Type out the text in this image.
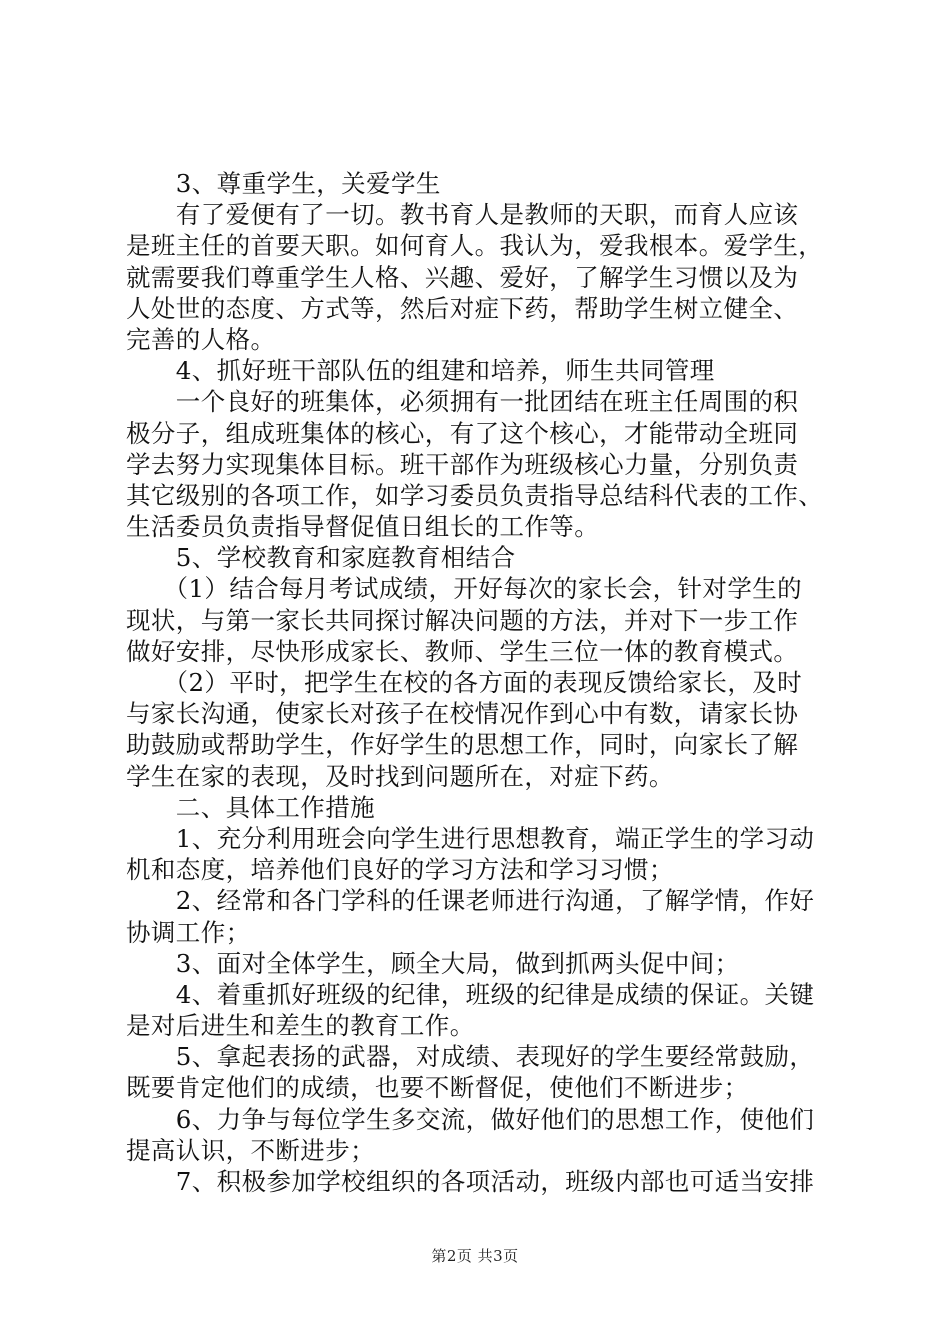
　　3、尊重学生，关爱学生
　　有了爱便有了一切。教书育人是教师的天职，而育人应该
是班主任的首要天职。如何育人。我认为，爱我根本。爱学生，
就需要我们尊重学生人格、兴趣、爱好，了解学生习惯以及为
人处世的态度、方式等，然后对症下药，帮助学生树立健全、
完善的人格。
　　4、抓好班干部队伍的组建和培养，师生共同管理
　　一个良好的班集体，必须拥有一批团结在班主任周围的积
极分子，组成班集体的核心，有了这个核心，才能带动全班同
学去努力实现集体目标。班干部作为班级核心力量，分别负责
其它级别的各项工作，如学习委员负责指导总结科代表的工作、
生活委员负责指导督促值日组长的工作等。
　　5、学校教育和家庭教育相结合
　　（1）结合每月考试成绩，开好每次的家长会，针对学生的
现状，与第一家长共同探讨解决问题的方法，并对下一步工作
做好安排，尽快形成家长、教师、学生三位一体的教育模式。
　　（2）平时，把学生在校的各方面的表现反馈给家长，及时
与家长沟通，使家长对孩子在校情况作到心中有数，请家长协
助鼓励或帮助学生，作好学生的思想工作，同时，向家长了解
学生在家的表现，及时找到问题所在，对症下药。
　　二、具体工作措施
　　1、充分利用班会向学生进行思想教育，端正学生的学习动
机和态度，培养他们良好的学习方法和学习习惯；
　　2、经常和各门学科的任课老师进行沟通，了解学情，作好
协调工作；
　　3、面对全体学生，顾全大局，做到抓两头促中间；
　　4、着重抓好班级的纪律，班级的纪律是成绩的保证。关键
是对后进生和差生的教育工作。
　　5、拿起表扬的武器，对成绩、表现好的学生要经常鼓励，
既要肯定他们的成绩，也要不断督促，使他们不断进步；
　　6、力争与每位学生多交流，做好他们的思想工作，使他们
提高认识，不断进步；
　　7、积极参加学校组织的各项活动，班级内部也可适当安排
第2页 共3页
